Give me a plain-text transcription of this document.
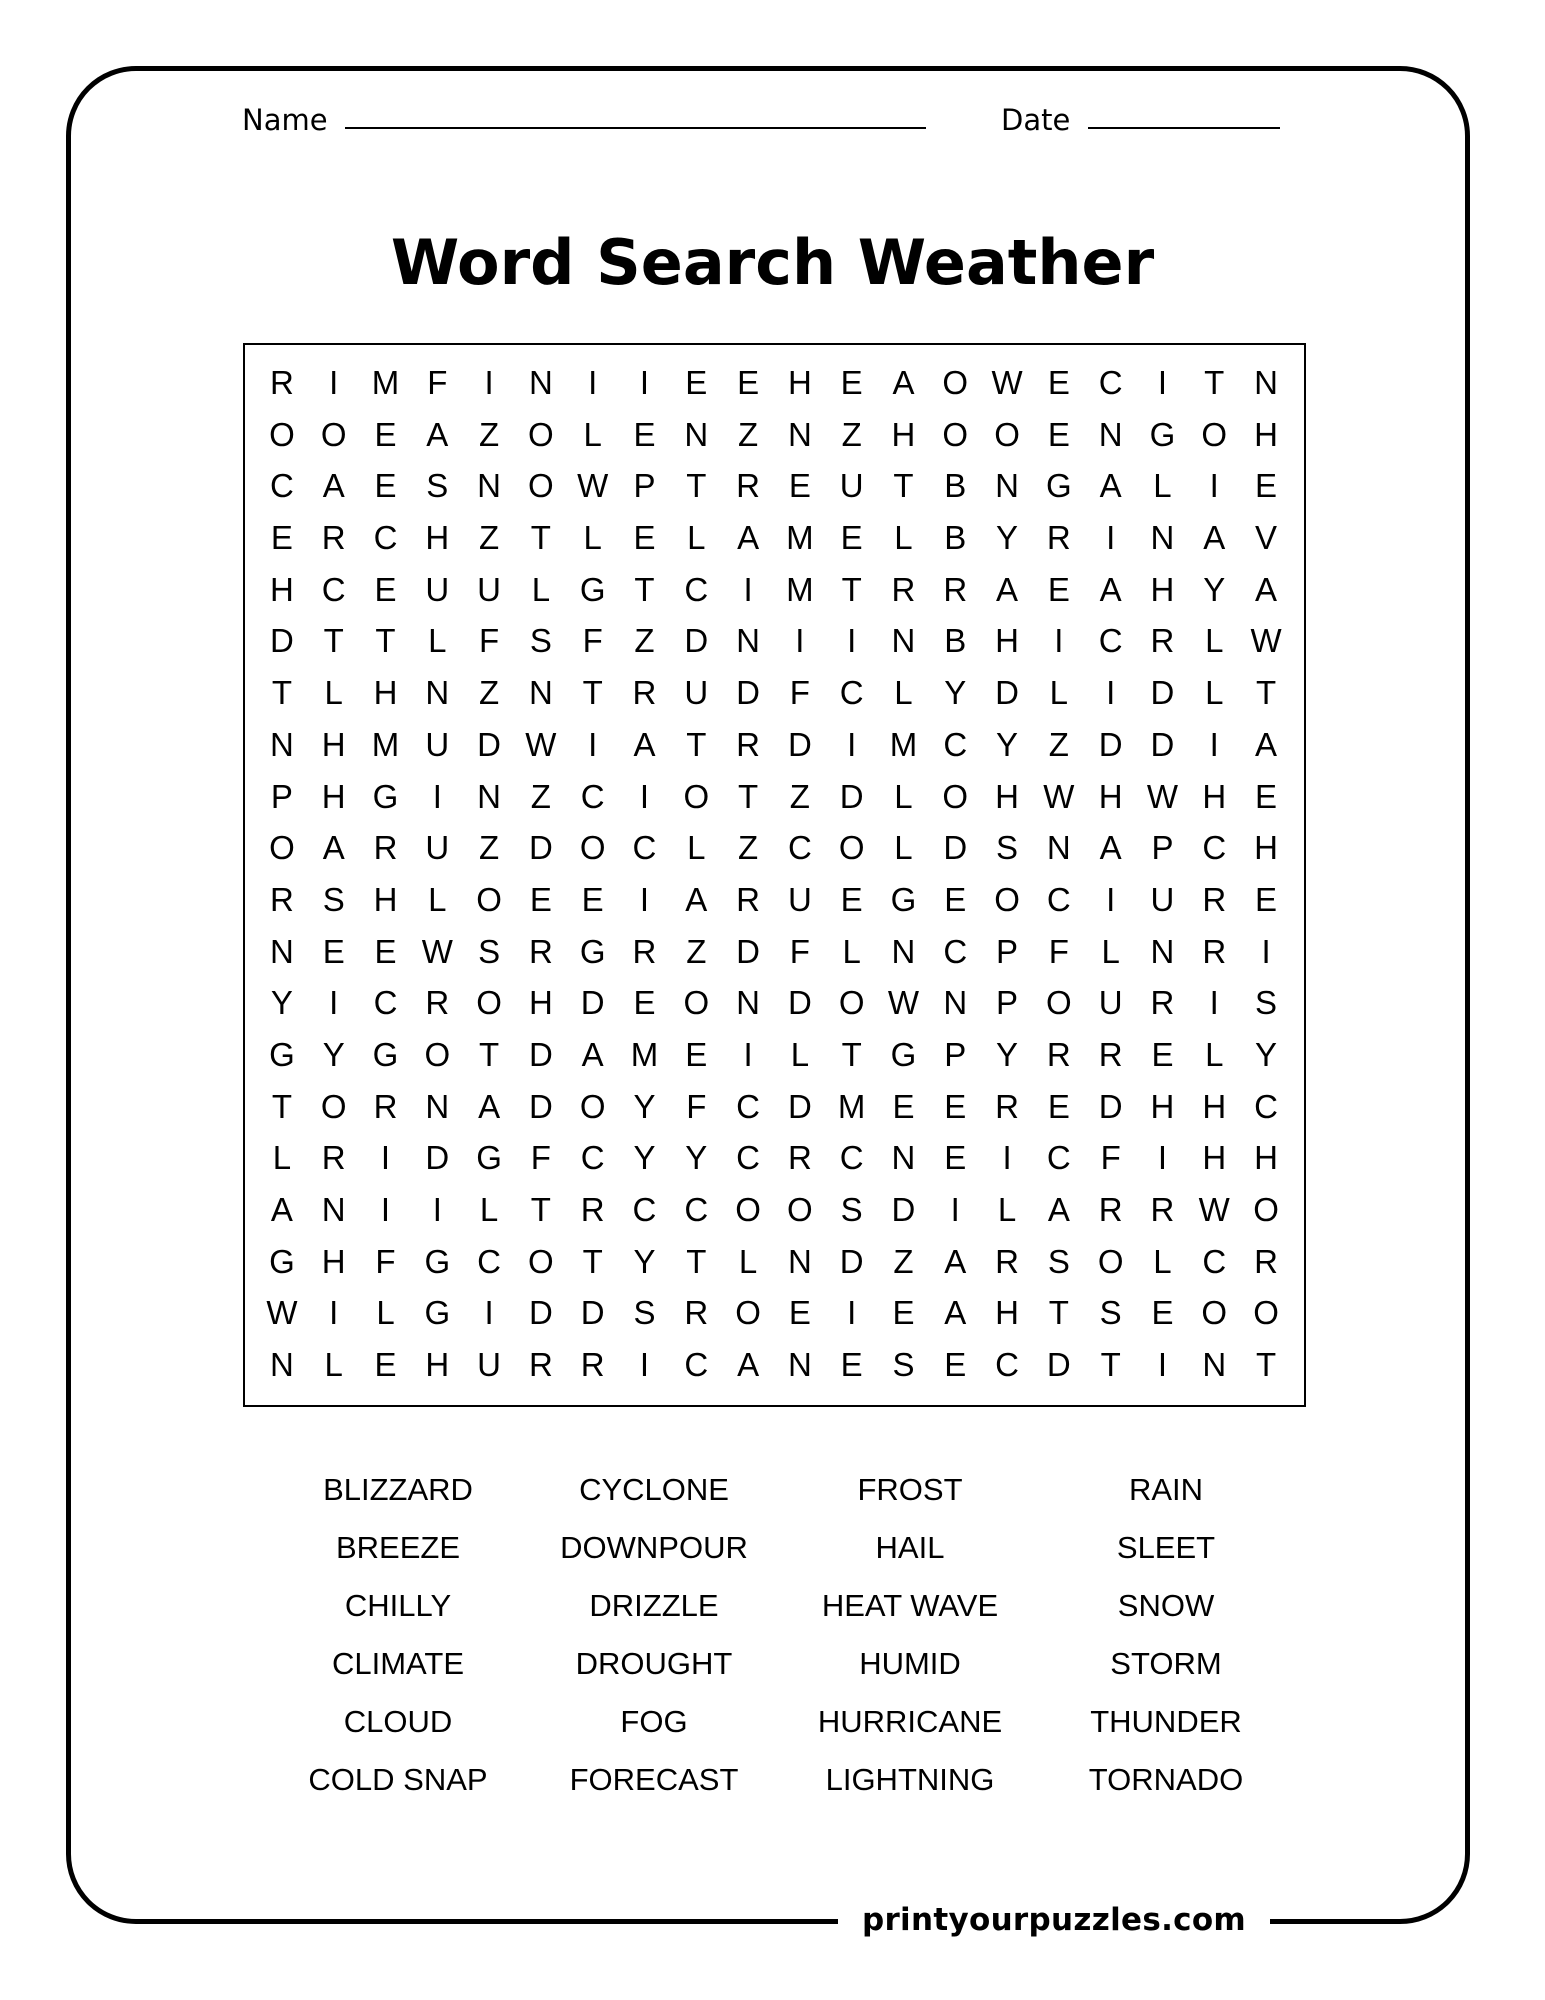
Name	Date
Word Search Weather
R	I	M F	I	N	I	I	E E H E A O W E C	I	T N
O O E A Z O L E N Z N Z H O O E N G O H
C A E S N O W P T R E U T B N G A L	I	E
E R C H Z T L E L A M E L B Y R	I	N A V
H C E U U L G T C	I	M T R R A E A H Y A
D T T L F S F Z D N	I	I	N B H	I	C R L W
T L H N Z N T R U D F C L Y D L	I	D L T
N H M U D W I	A T R D	I	M C Y Z D D	I	A
P H G	I	N Z C	I	O T Z D L O H W H W H E
O A R U Z D O C L Z C O L D S N A P C H
R S H L O E E	I	A R U E G E O C	I	U R E
N E E W S R G R Z D F L N C P F L N R	I
Y	I	C R O H D E O N D O W N P O U R	I	S
G Y G O T D A M E	I	L T G P Y R R E L Y
T O R N A D O Y F C D M E E R E D H H C
L R	I	D G F C Y Y C R C N E	I	C F	I	H H
A N	I	I	L T R C C O O S D	I	L A R R W O
G H F G C O T Y T L N D Z A R S O L C R
W I	L G	I	D D S R O E	I	E A H T S E O O
N L E H U R R	I	C A N E S E C D T	I	N T
BLIZZARD	CYCLONE	FROST	RAIN
BREEZE	DOWNPOUR	HAIL	SLEET
CHILLY	DRIZZLE	HEAT WAVE	SNOW
CLIMATE	DROUGHT	HUMID	STORM
CLOUD	FOG	HURRICANE	THUNDER
COLD SNAP	FORECAST	LIGHTNING	TORNADO
printyourpuzzles.com
